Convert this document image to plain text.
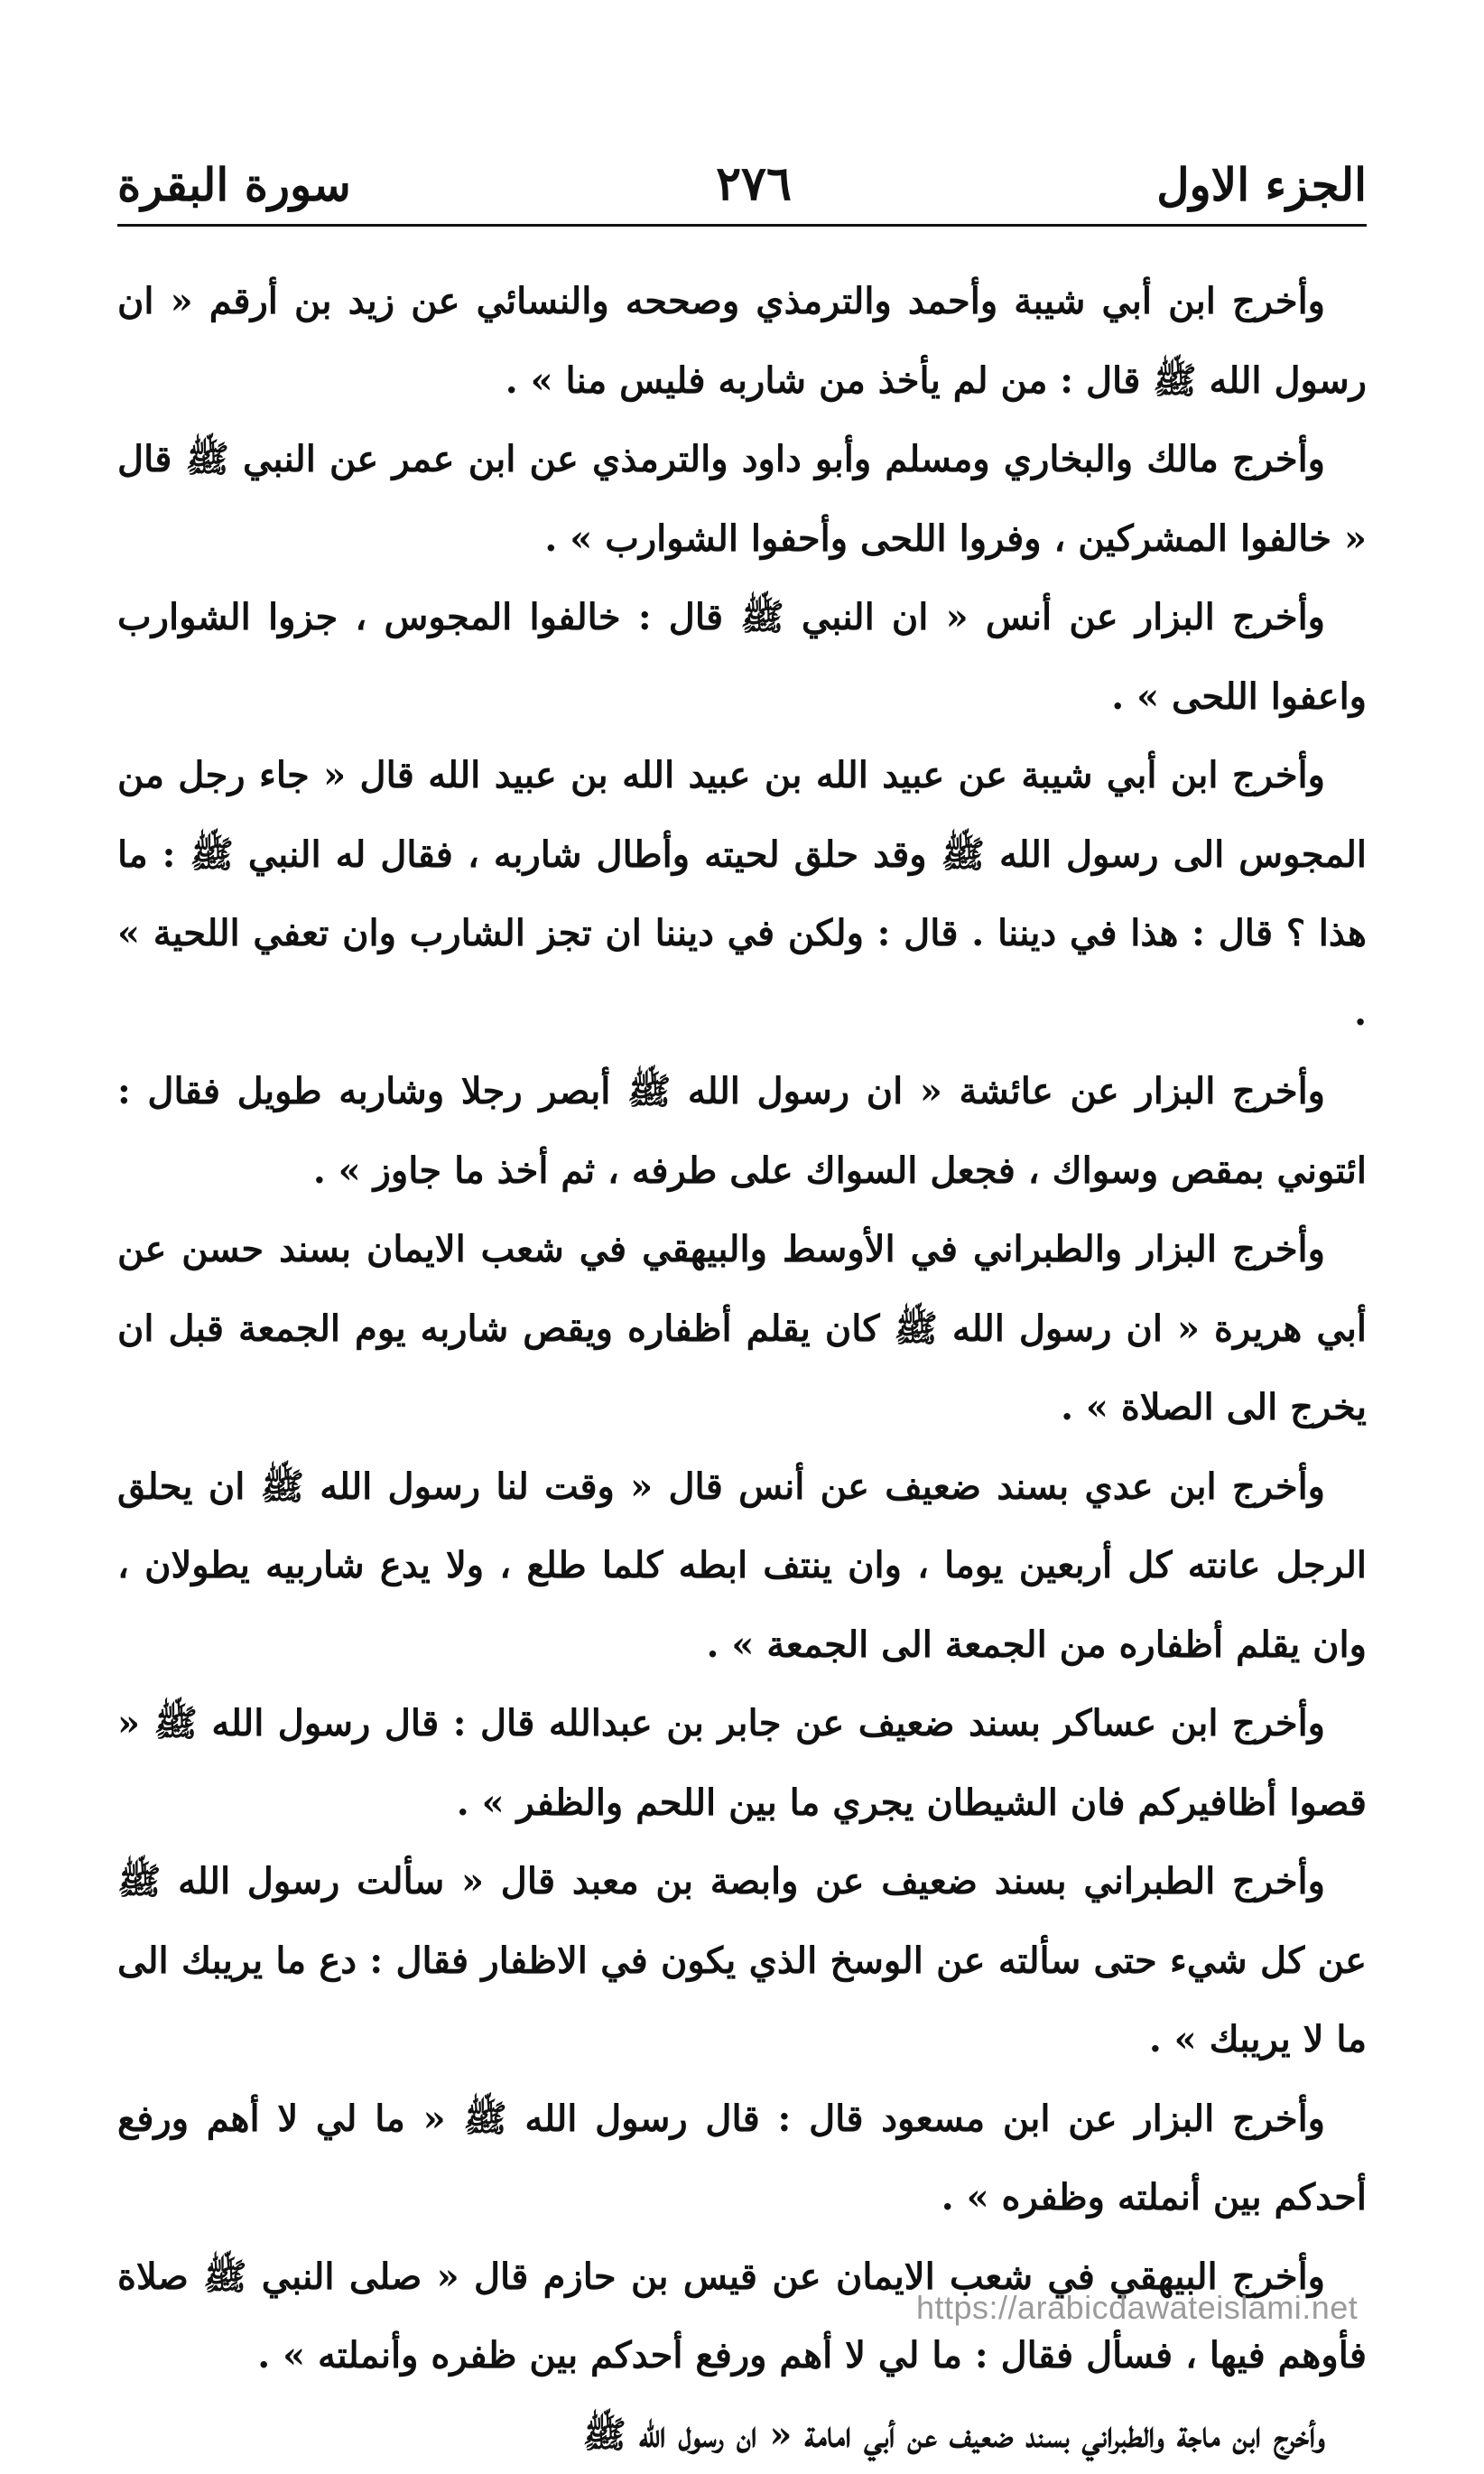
الجزء الاول
٢٧٦
سورة البقرة

وأخرج ابن أبي شيبة وأحمد والترمذي وصححه والنسائي عن زيد بن أرقم « ان رسول الله ﷺ قال : من لم يأخذ من شاربه فليس منا » .

وأخرج مالك والبخاري ومسلم وأبو داود والترمذي عن ابن عمر عن النبي ﷺ قال « خالفوا المشركين ، وفروا اللحى وأحفوا الشوارب » .

وأخرج البزار عن أنس « ان النبي ﷺ قال : خالفوا المجوس ، جزوا الشوارب واعفوا اللحى » .

وأخرج ابن أبي شيبة عن عبيد الله بن عبيد الله بن عبيد الله قال « جاء رجل من المجوس الى رسول الله ﷺ وقد حلق لحيته وأطال شاربه ، فقال له النبي ﷺ : ما هذا ؟ قال : هذا في ديننا . قال : ولكن في ديننا ان تجز الشارب وان تعفي اللحية » .

وأخرج البزار عن عائشة « ان رسول الله ﷺ أبصر رجلا وشاربه طويل فقال : ائتوني بمقص وسواك ، فجعل السواك على طرفه ، ثم أخذ ما جاوز » .

وأخرج البزار والطبراني في الأوسط والبيهقي في شعب الايمان بسند حسن عن أبي هريرة « ان رسول الله ﷺ كان يقلم أظفاره ويقص شاربه يوم الجمعة قبل ان يخرج الى الصلاة » .

وأخرج ابن عدي بسند ضعيف عن أنس قال « وقت لنا رسول الله ﷺ ان يحلق الرجل عانته كل أربعين يوما ، وان ينتف ابطه كلما طلع ، ولا يدع شاربيه يطولان ، وان يقلم أظفاره من الجمعة الى الجمعة » .

وأخرج ابن عساكر بسند ضعيف عن جابر بن عبدالله قال : قال رسول الله ﷺ « قصوا أظافيركم فان الشيطان يجري ما بين اللحم والظفر » .

وأخرج الطبراني بسند ضعيف عن وابصة بن معبد قال « سألت رسول الله ﷺ عن كل شيء حتى سألته عن الوسخ الذي يكون في الاظفار فقال : دع ما يريبك الى ما لا يريبك » .

وأخرج البزار عن ابن مسعود قال : قال رسول الله ﷺ « ما لي لا أهم ورفع أحدكم بين أنملته وظفره » .

وأخرج البيهقي في شعب الايمان عن قيس بن حازم قال « صلى النبي ﷺ صلاة فأوهم فيها ، فسأل فقال : ما لي لا أهم ورفع أحدكم بين ظفره وأنملته » .

وأخرج ابن ماجة والطبراني بسند ضعيف عن أبي امامة « ان رسول الله ﷺ

https://arabicdawateislami.net
